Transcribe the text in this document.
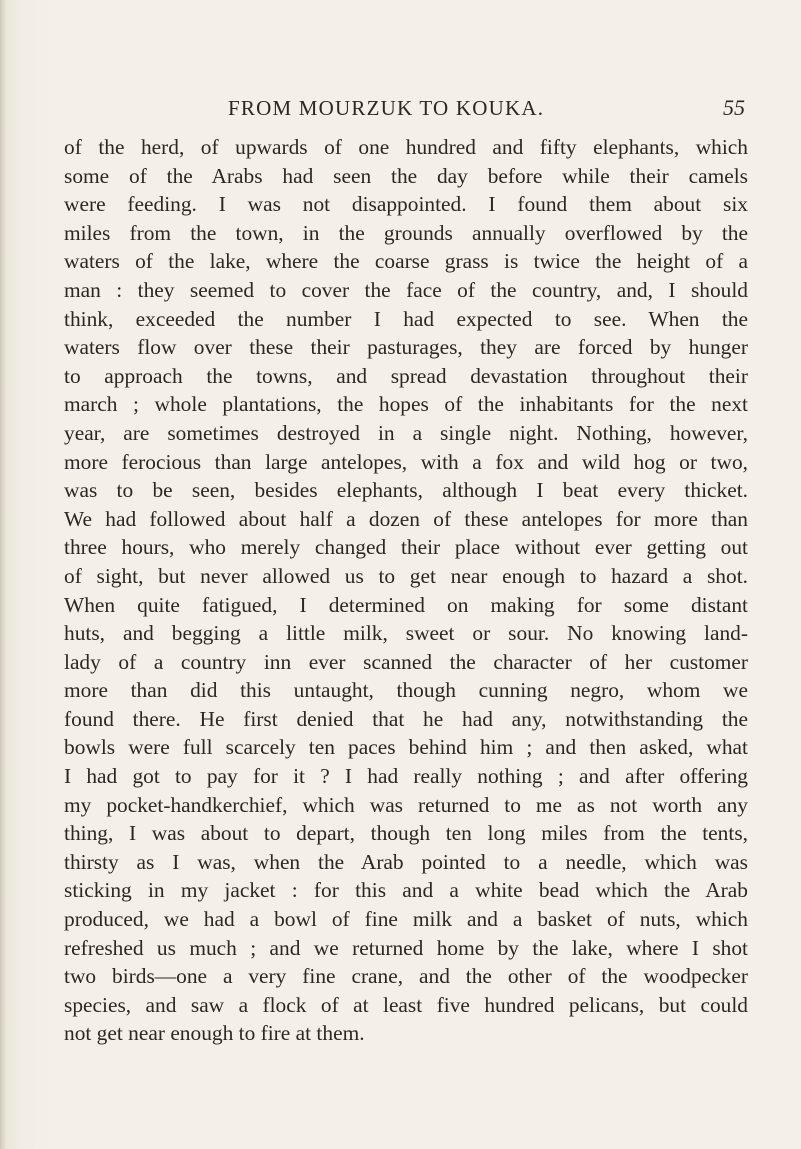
FROM MOURZUK TO KOUKA.	55
of the herd, of upwards of one hundred and fifty elephants, which
some of the Arabs had seen the day before while their camels
were feeding. I was not disappointed. I found them about six
miles from the town, in the grounds annually overflowed by the
waters of the lake, where the coarse grass is twice the height of a
man : they seemed to cover the face of the country, and, I should
think, exceeded the number I had expected to see. When the
waters flow over these their pasturages, they are forced by hunger
to approach the towns, and spread devastation throughout their
march ; whole plantations, the hopes of the inhabitants for the next
year, are sometimes destroyed in a single night. Nothing, however,
more ferocious than large antelopes, with a fox and wild hog or two,
was to be seen, besides elephants, although I beat every thicket.
We had followed about half a dozen of these antelopes for more than
three hours, who merely changed their place without ever getting out
of sight, but never allowed us to get near enough to hazard a shot.
When quite fatigued, I determined on making for some distant
huts, and begging a little milk, sweet or sour. No knowing land-
lady of a country inn ever scanned the character of her customer
more than did this untaught, though cunning negro, whom we
found there. He first denied that he had any, notwithstanding the
bowls were full scarcely ten paces behind him ; and then asked, what
I had got to pay for it ? I had really nothing ; and after offering
my pocket-handkerchief, which was returned to me as not worth any
thing, I was about to depart, though ten long miles from the tents,
thirsty as I was, when the Arab pointed to a needle, which was
sticking in my jacket : for this and a white bead which the Arab
produced, we had a bowl of fine milk and a basket of nuts, which
refreshed us much ; and we returned home by the lake, where I shot
two birds—one a very fine crane, and the other of the woodpecker
species, and saw a flock of at least five hundred pelicans, but could
not get near enough to fire at them.
